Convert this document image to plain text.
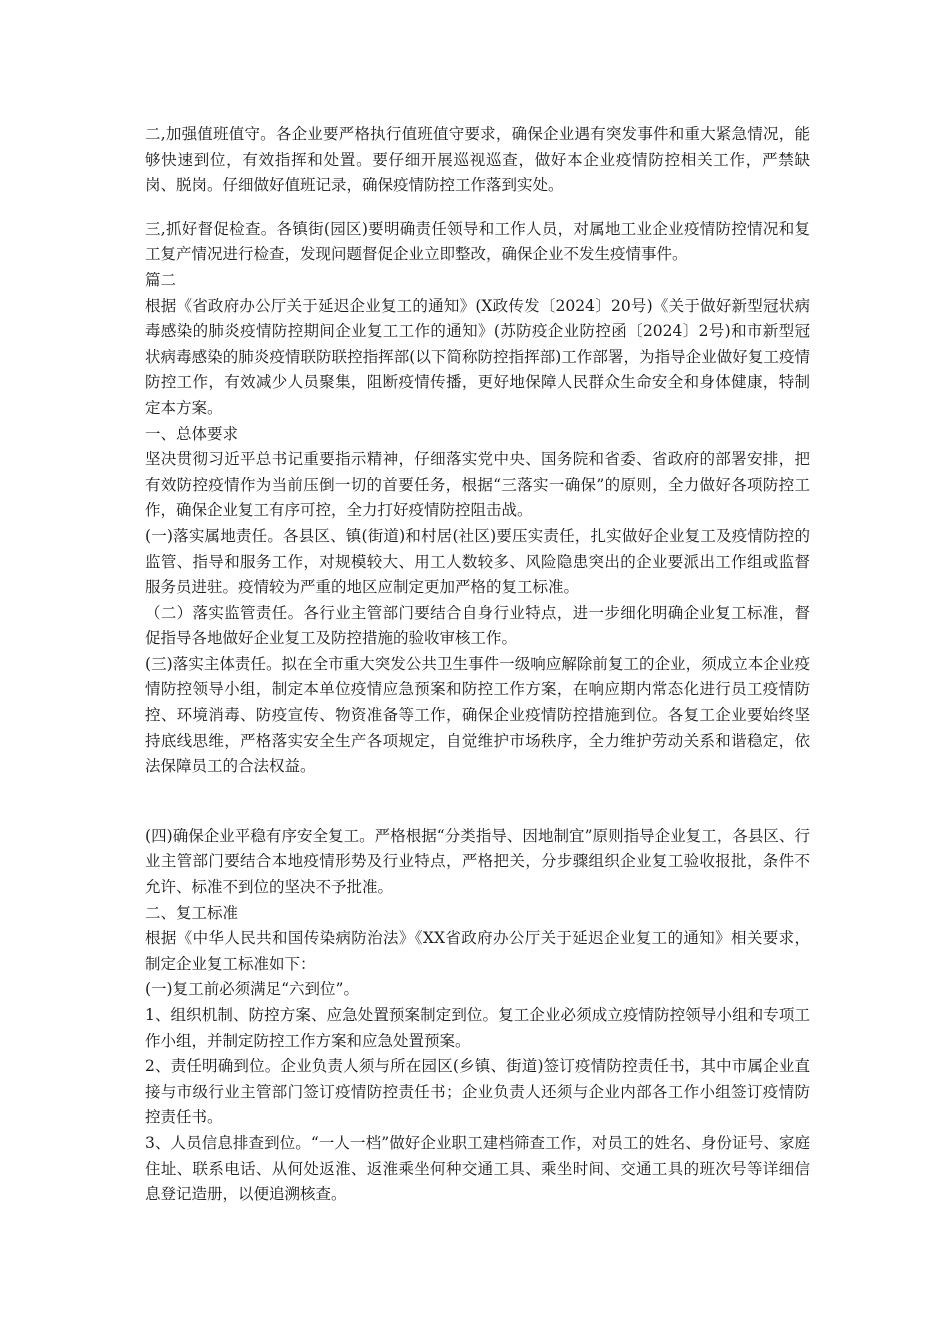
二,加强值班值守。各企业要严格执行值班值守要求，确保企业遇有突发事件和重大紧急情况，能够快速到位，有效指挥和处置。要仔细开展巡视巡查，做好本企业疫情防控相关工作，严禁缺岗、脱岗。仔细做好值班记录，确保疫情防控工作落到实处。

三,抓好督促检查。各镇街(园区)要明确责任领导和工作人员，对属地工业企业疫情防控情况和复工复产情况进行检查，发现问题督促企业立即整改，确保企业不发生疫情事件。

篇二

根据《省政府办公厅关于延迟企业复工的通知》(X政传发〔2024〕20号)《关于做好新型冠状病毒感染的肺炎疫情防控期间企业复工工作的通知》(苏防疫企业防控函〔2024〕2号)和市新型冠状病毒感染的肺炎疫情联防联控指挥部(以下简称防控指挥部)工作部署，为指导企业做好复工疫情防控工作，有效减少人员聚集，阻断疫情传播，更好地保障人民群众生命安全和身体健康，特制定本方案。

一、总体要求

坚决贯彻习近平总书记重要指示精神，仔细落实党中央、国务院和省委、省政府的部署安排，把有效防控疫情作为当前压倒一切的首要任务，根据“三落实一确保”的原则，全力做好各项防控工作，确保企业复工有序可控，全力打好疫情防控阻击战。

(一)落实属地责任。各县区、镇(街道)和村居(社区)要压实责任，扎实做好企业复工及疫情防控的监管、指导和服务工作，对规模较大、用工人数较多、风险隐患突出的企业要派出工作组或监督服务员进驻。疫情较为严重的地区应制定更加严格的复工标准。

（二）落实监管责任。各行业主管部门要结合自身行业特点，进一步细化明确企业复工标准，督促指导各地做好企业复工及防控措施的验收审核工作。

(三)落实主体责任。拟在全市重大突发公共卫生事件一级响应解除前复工的企业，须成立本企业疫情防控领导小组，制定本单位疫情应急预案和防控工作方案，在响应期内常态化进行员工疫情防控、环境消毒、防疫宣传、物资准备等工作，确保企业疫情防控措施到位。各复工企业要始终坚持底线思维，严格落实安全生产各项规定，自觉维护市场秩序，全力维护劳动关系和谐稳定，依法保障员工的合法权益。

(四)确保企业平稳有序安全复工。严格根据“分类指导、因地制宜”原则指导企业复工，各县区、行业主管部门要结合本地疫情形势及行业特点，严格把关，分步骤组织企业复工验收报批，条件不允许、标准不到位的坚决不予批准。

二、复工标准

根据《中华人民共和国传染病防治法》《XX省政府办公厅关于延迟企业复工的通知》相关要求，制定企业复工标准如下：

(一)复工前必须满足“六到位”。

1、组织机制、防控方案、应急处置预案制定到位。复工企业必须成立疫情防控领导小组和专项工作小组，并制定防控工作方案和应急处置预案。

2、责任明确到位。企业负责人须与所在园区(乡镇、街道)签订疫情防控责任书，其中市属企业直接与市级行业主管部门签订疫情防控责任书；企业负责人还须与企业内部各工作小组签订疫情防控责任书。

3、人员信息排查到位。“一人一档”做好企业职工建档筛查工作，对员工的姓名、身份证号、家庭住址、联系电话、从何处返淮、返淮乘坐何种交通工具、乘坐时间、交通工具的班次号等详细信息登记造册，以便追溯核查。
